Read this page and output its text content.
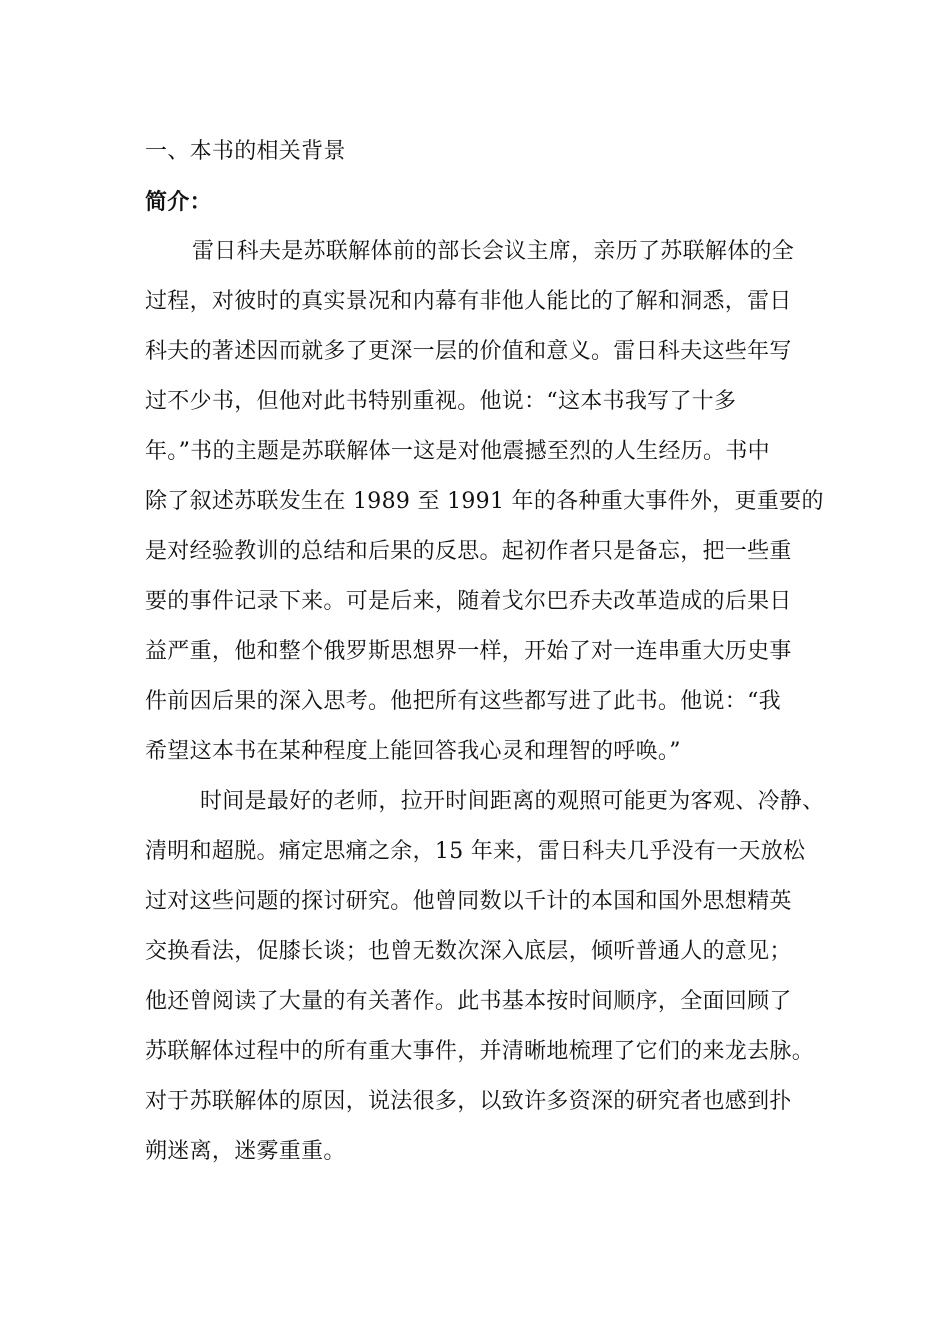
一、本书的相关背景
简介：
雷日科夫是苏联解体前的部长会议主席，亲历了苏联解体的全
过程，对彼时的真实景况和内幕有非他人能比的了解和洞悉，雷日
科夫的著述因而就多了更深一层的价值和意义。雷日科夫这些年写
过不少书，但他对此书特别重视。他说：“这本书我写了十多
年。”书的主题是苏联解体一这是对他震撼至烈的人生经历。书中
除了叙述苏联发生在 1989 至 1991 年的各种重大事件外，更重要的
是对经验教训的总结和后果的反思。起初作者只是备忘，把一些重
要的事件记录下来。可是后来，随着戈尔巴乔夫改革造成的后果日
益严重，他和整个俄罗斯思想界一样，开始了对一连串重大历史事
件前因后果的深入思考。他把所有这些都写进了此书。他说：“我
希望这本书在某种程度上能回答我心灵和理智的呼唤。”
时间是最好的老师，拉开时间距离的观照可能更为客观、冷静、
清明和超脱。痛定思痛之余，15 年来，雷日科夫几乎没有一天放松
过对这些问题的探讨研究。他曾同数以千计的本国和国外思想精英
交换看法，促膝长谈；也曾无数次深入底层，倾听普通人的意见；
他还曾阅读了大量的有关著作。此书基本按时间顺序，全面回顾了
苏联解体过程中的所有重大事件，并清晰地梳理了它们的来龙去脉。
对于苏联解体的原因，说法很多，以致许多资深的研究者也感到扑
朔迷离，迷雾重重。
